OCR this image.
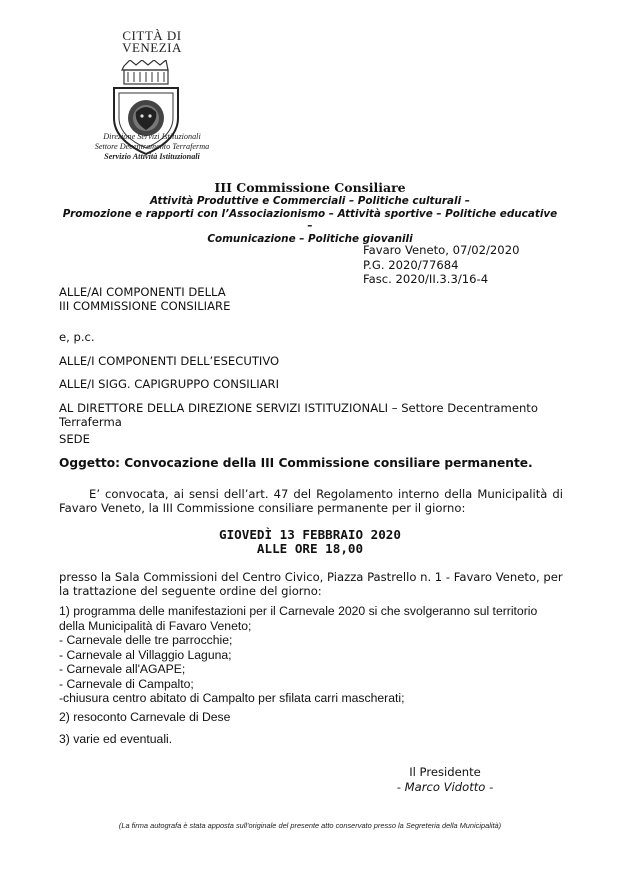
CITTÀ DI
VENEZIA
Direzione Servizi Istituzionali
Settore Decentramento Terraferma
Servizio Attività Istituzionali
III Commissione Consiliare
Attività Produttive e Commerciali – Politiche culturali –
Promozione e rapporti con l’Associazionismo – Attività sportive – Politiche educative –
Comunicazione – Politiche giovanili
Favaro Veneto, 07/02/2020
P.G. 2020/77684
Fasc. 2020/II.3.3/16-4
ALLE/AI COMPONENTI DELLA
III COMMISSIONE CONSILIARE
e, p.c.
ALLE/I COMPONENTI DELL’ESECUTIVO
ALLE/I SIGG. CAPIGRUPPO CONSILIARI
AL DIRETTORE DELLA DIREZIONE SERVIZI ISTITUZIONALI – Settore Decentramento Terraferma
SEDE
Oggetto: Convocazione della III Commissione consiliare permanente.
E’ convocata, ai sensi dell’art. 47 del Regolamento interno della Municipalità di Favaro Veneto, la III Commissione consiliare permanente per il giorno:
GIOVEDÌ 13 FEBBRAIO 2020
ALLE ORE 18,00
presso la Sala Commissioni del Centro Civico, Piazza Pastrello n. 1 - Favaro Veneto, per la trattazione del seguente ordine del giorno:
1) programma delle manifestazioni per il Carnevale 2020 si che svolgeranno sul territorio della Municipalità di Favaro Veneto;
- Carnevale delle tre parrocchie;
- Carnevale al Villaggio Laguna;
- Carnevale all'AGAPE;
- Carnevale di Campalto;
-chiusura centro abitato di Campalto per sfilata carri mascherati;
2) resoconto Carnevale di Dese
3) varie ed eventuali.
Il Presidente
- Marco Vidotto -
(La firma autografa è stata apposta sull'originale del presente atto conservato presso la Segreteria della Municipalità)
